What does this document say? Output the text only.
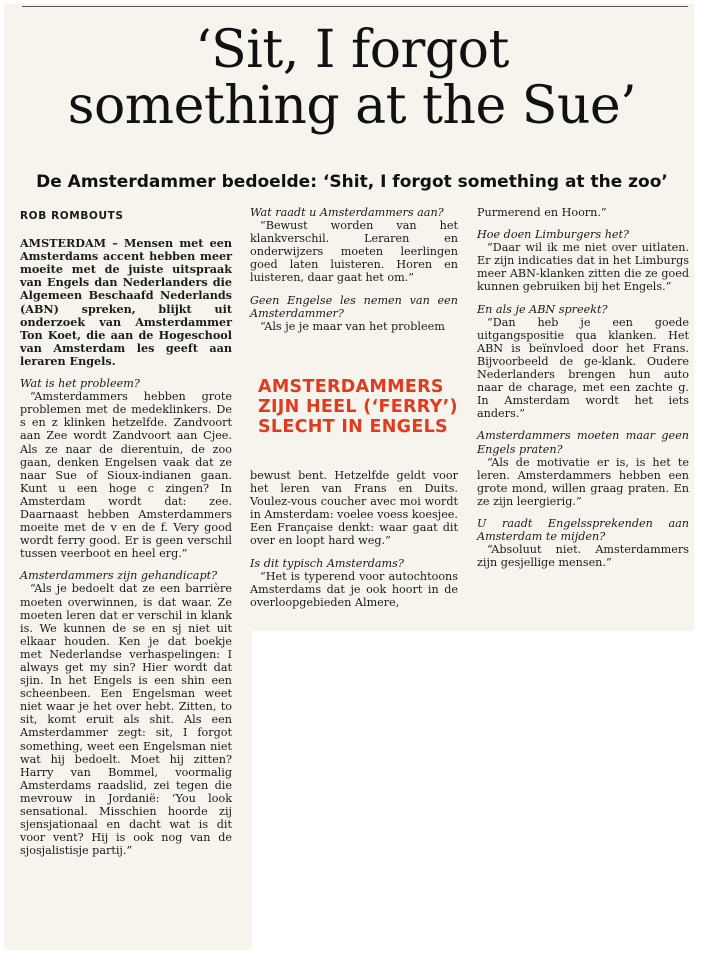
‘Sit, I forgot
something at the Sue’
De Amsterdammer bedoelde: ‘Shit, I forgot something at the zoo’

ROB ROMBOUTS

AMSTERDAM – Mensen met een Amsterdams accent hebben meer moeite met de juiste uitspraak van Engels dan Nederlanders die Algemeen Beschaafd Nederlands (ABN) spreken, blijkt uit onderzoek van Amsterdammer Ton Koet, die aan de Hogeschool van Amsterdam les geeft aan leraren Engels.

Wat is het probleem?

“Amsterdammers hebben grote problemen met de medeklinkers. De s en z klinken hetzelfde. Zandvoort aan Zee wordt Zandvoort aan Cjee. Als ze naar de dierentuin, de zoo gaan, denken Engelsen vaak dat ze naar Sue of Sioux-indianen gaan. Kunt u een hoge c zingen? In Amsterdam wordt dat: zee. Daarnaast hebben Amsterdammers moeite met de v en de f. Very good wordt ferry good. Er is geen verschil tussen veerboot en heel erg.”

Amsterdammers zijn gehandicapt?

“Als je bedoelt dat ze een barrière moeten overwinnen, is dat waar. Ze moeten leren dat er verschil in klank is. We kunnen de se en sj niet uit elkaar houden. Ken je dat boekje met Nederlandse verhaspelingen: I always get my sin? Hier wordt dat sjin. In het Engels is een shin een scheenbeen. Een Engelsman weet niet waar je het over hebt. Zitten, to sit, komt eruit als shit. Als een Amsterdammer zegt: sit, I forgot something, weet een Engelsman niet wat hij bedoelt. Moet hij zitten? Harry van Bommel, voormalig Amsterdams raadslid, zei tegen die mevrouw in Jordanië: ‘You look sensational. Misschien hoorde zij sjensjationaal en dacht wat is dit voor vent? Hij is ook nog van de sjosjalistisje partij.”

Wat raadt u Amsterdammers aan?

“Bewust worden van het klankverschil. Leraren en onderwijzers moeten leerlingen goed laten luisteren. Horen en luisteren, daar gaat het om.”

Geen Engelse les nemen van een Amsterdammer?

“Als je je maar van het probleem

AMSTERDAMMERS
ZIJN HEEL (‘FERRY’)
SLECHT IN ENGELS

bewust bent. Hetzelfde geldt voor het leren van Frans en Duits. Voulez-vous coucher avec moi wordt in Amsterdam: voelee voess koesjee. Een Française denkt: waar gaat dit over en loopt hard weg.”

Is dit typisch Amsterdams?

“Het is typerend voor autochtoons Amsterdams dat je ook hoort in de overloopgebieden Almere,

Purmerend en Hoorn.”

Hoe doen Limburgers het?

“Daar wil ik me niet over uitlaten. Er zijn indicaties dat in het Limburgs meer ABN-klanken zitten die ze goed kunnen gebruiken bij het Engels.”

En als je ABN spreekt?

“Dan heb je een goede uitgangspositie qua klanken. Het ABN is beïnvloed door het Frans. Bijvoorbeeld de ge-klank. Oudere Nederlanders brengen hun auto naar de charage, met een zachte g. In Amsterdam wordt het iets anders.”

Amsterdammers moeten maar geen Engels praten?

“Als de motivatie er is, is het te leren. Amsterdammers hebben een grote mond, willen graag praten. En ze zijn leergierig.”

U raadt Engelssprekenden aan Amsterdam te mijden?

“Absoluut niet. Amsterdammers zijn gesjellige mensen.”
